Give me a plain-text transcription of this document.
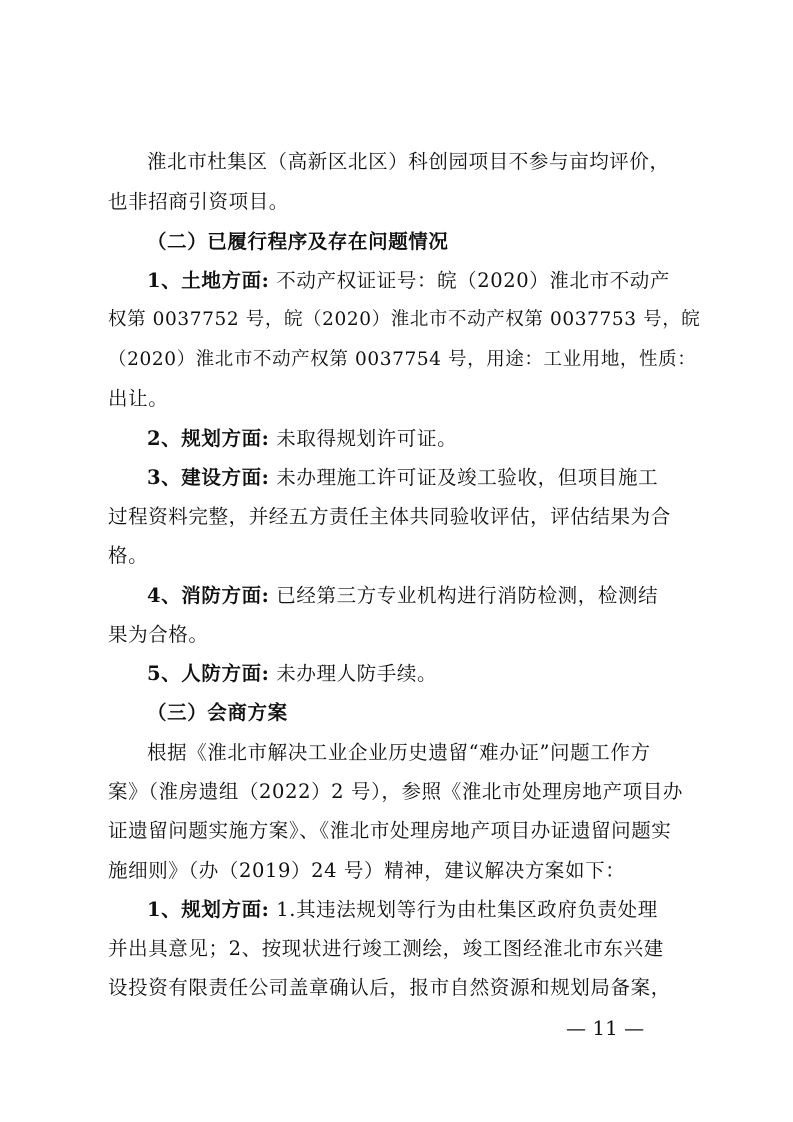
淮北市杜集区（高新区北区）科创园项目不参与亩均评价，
也非招商引资项目。
（二）已履行程序及存在问题情况
1、土地方面: 不动产权证证号：皖（2020）淮北市不动产
权第 0037752 号，皖（2020）淮北市不动产权第 0037753 号，皖
（2020）淮北市不动产权第 0037754 号，用途：工业用地，性质：
出让。
2、规划方面: 未取得规划许可证。
3、建设方面: 未办理施工许可证及竣工验收，但项目施工
过程资料完整，并经五方责任主体共同验收评估，评估结果为合
格。
4、消防方面: 已经第三方专业机构进行消防检测，检测结
果为合格。
5、人防方面: 未办理人防手续。
（三）会商方案
根据《淮北市解决工业企业历史遗留“难办证”问题工作方
案》（淮房遗组（2022）2 号），参照《淮北市处理房地产项目办
证遗留问题实施方案》、《淮北市处理房地产项目办证遗留问题实
施细则》（办（2019）24 号）精神，建议解决方案如下：
1、规划方面: 1.其违法规划等行为由杜集区政府负责处理
并出具意见；2、按现状进行竣工测绘，竣工图经淮北市东兴建
设投资有限责任公司盖章确认后，报市自然资源和规划局备案，
— 11 —
